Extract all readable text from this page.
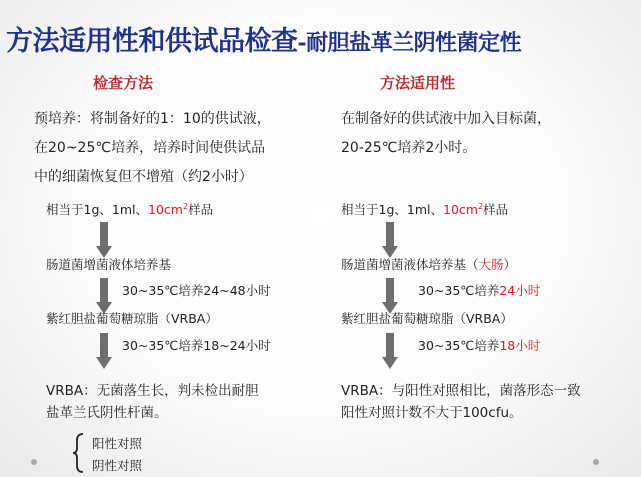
方法适用性和供试品检查-耐胆盐革兰阴性菌定性
检查方法	方法适用性
预培养：将制备好的1：10的供试液，
在20~25℃培养，培养时间使供试品
中的细菌恢复但不增殖（约2小时）
相当于1g、1ml、$10cm^2$样品
肠道菌增菌液体培养基
30~35℃培养24~48小时
紫红胆盐葡萄糖琼脂（VRBA）
30~35℃培养18~24小时
VRBA：无菌落生长，判未检出耐胆
盐革兰氏阴性杆菌。
阳性对照
阴性对照
在制备好的供试液中加入目标菌，
20-25℃培养2小时。
相当于1g、1ml、$10cm^2$样品
肠道菌增菌液体培养基（大肠）
30~35℃培养24小时
紫红胆盐葡萄糖琼脂（VRBA）
30~35℃培养18小时
VRBA：与阳性对照相比，菌落形态一致
阳性对照计数不大于100cfu。
